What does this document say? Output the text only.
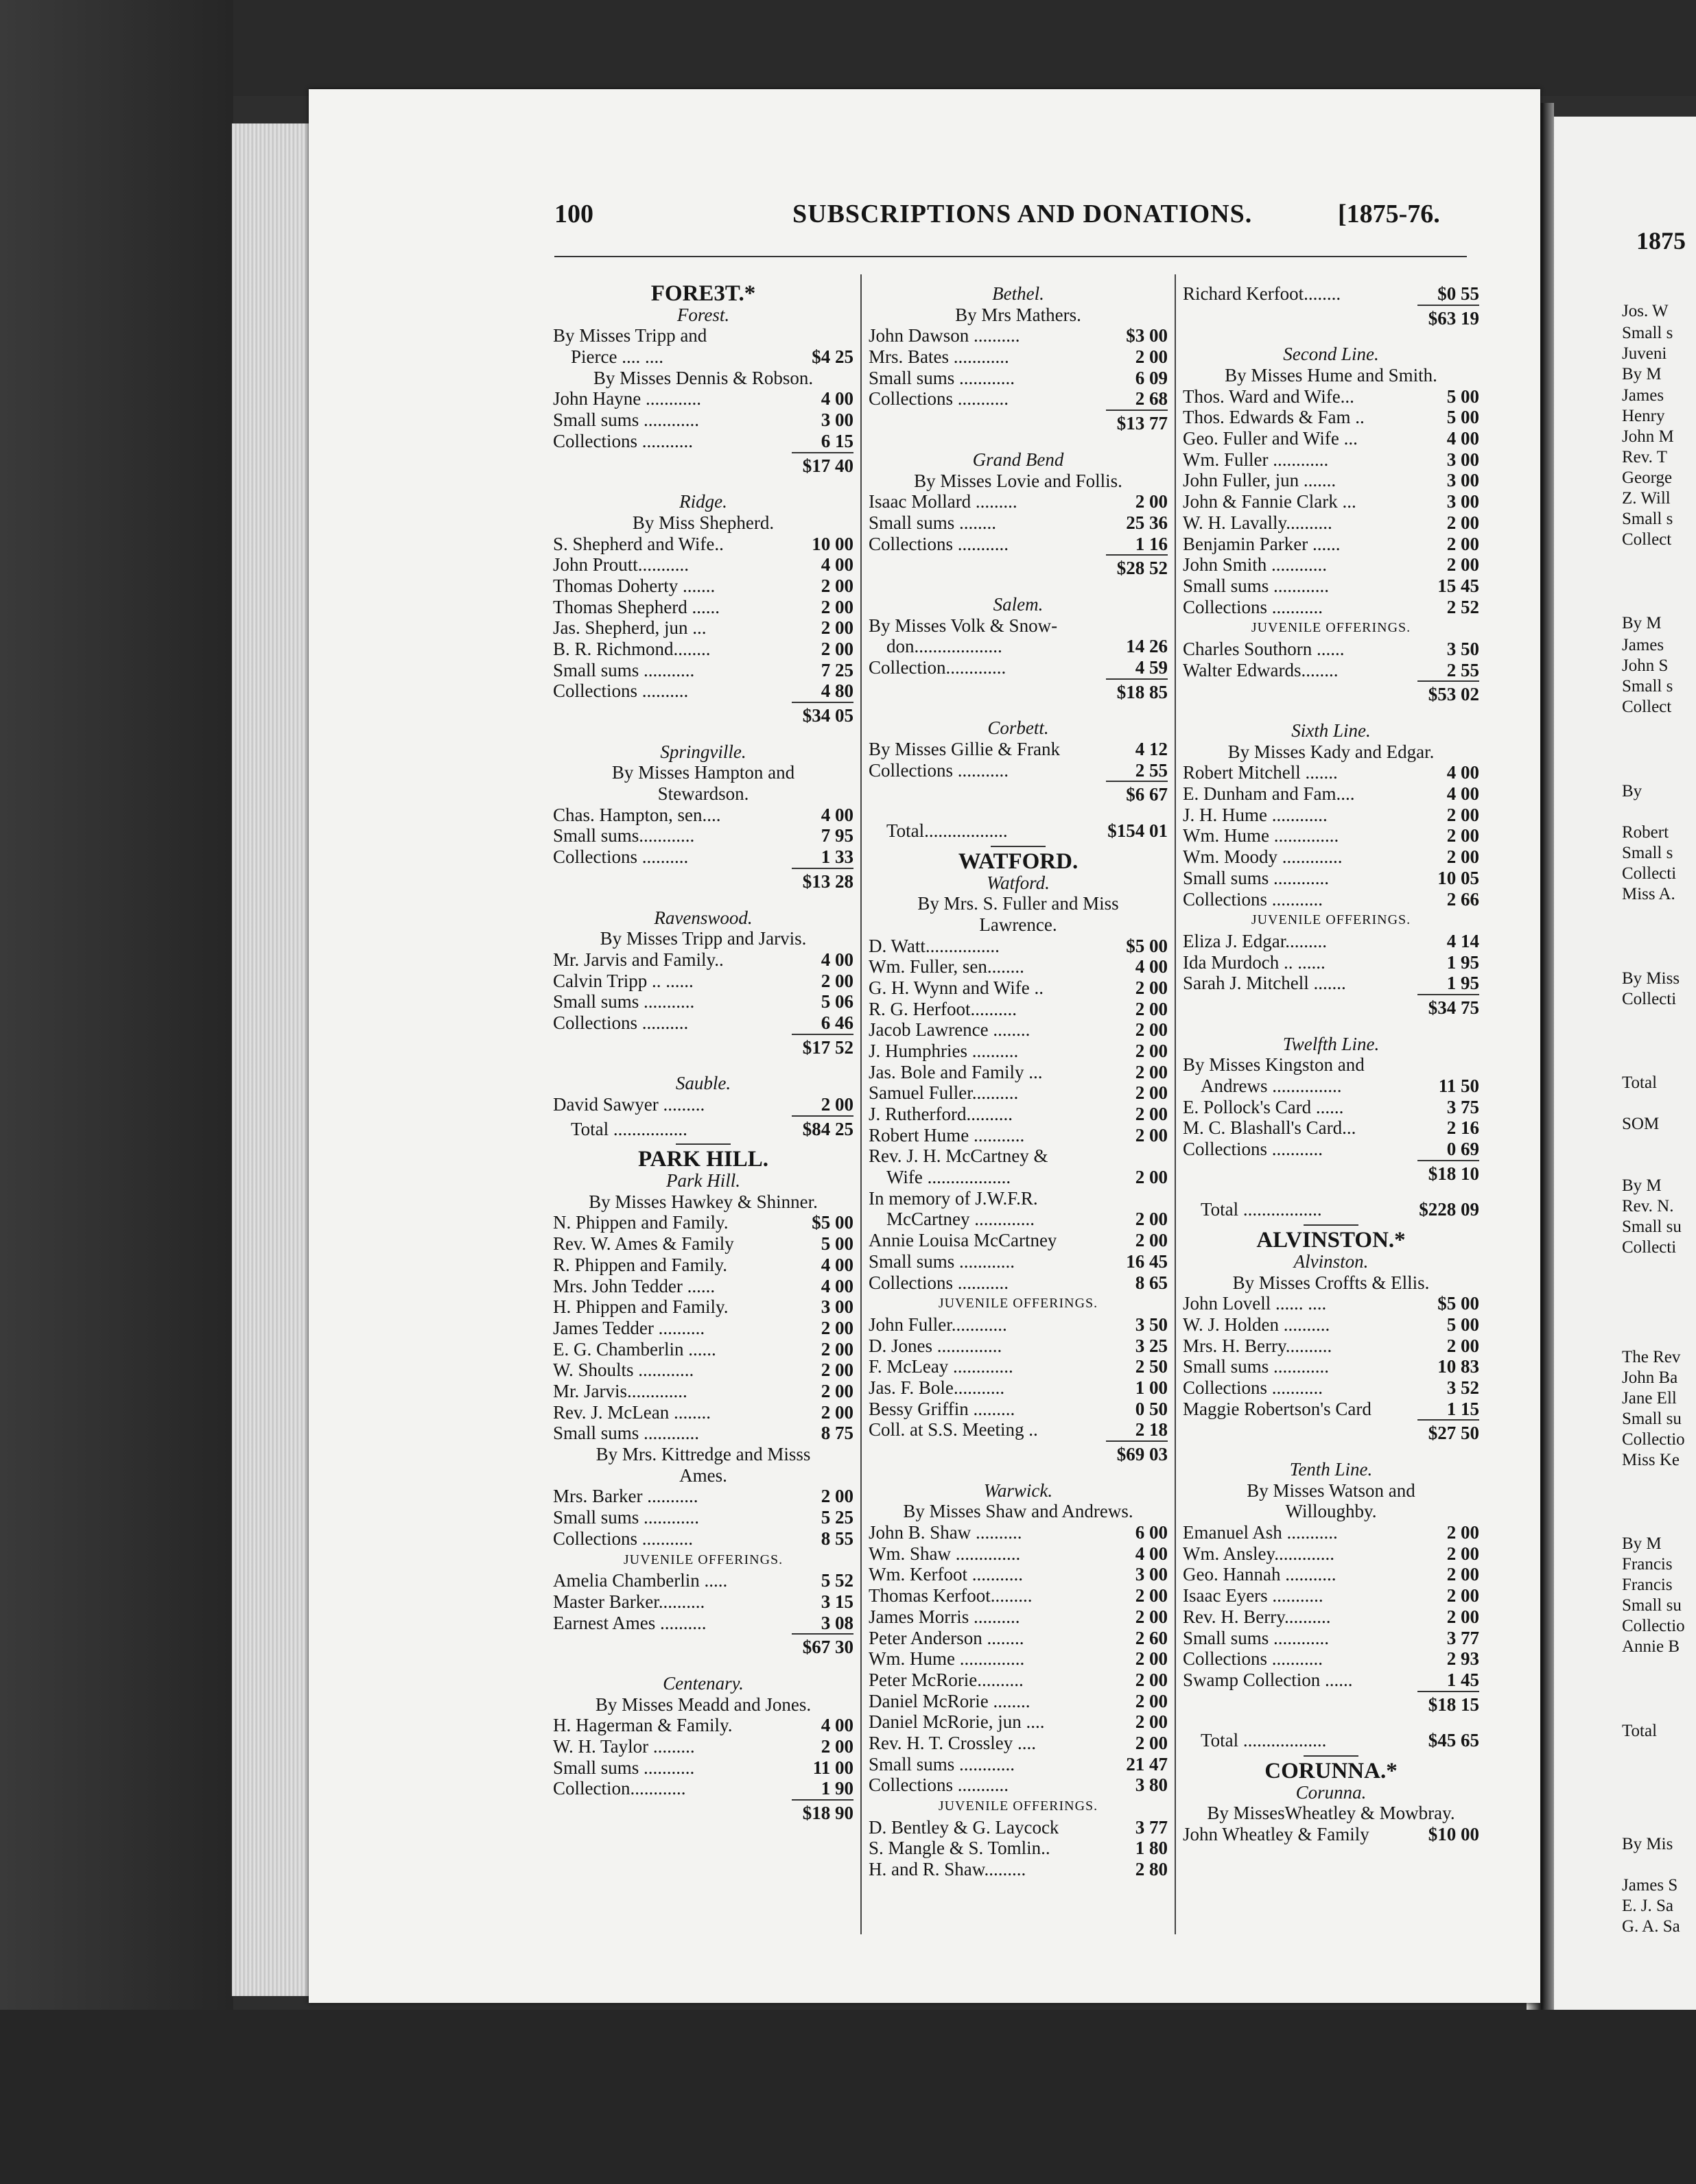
100	SUBSCRIPTIONS AND DONATIONS.	[1875-76.
FORE3T.*
Forest.
By Misses Tripp and
Pierce .... ....	$4 25
By Misses Dennis & Robson.
John Hayne ............	4 00
Small sums ............	3 00
Collections ...........	6 15
$17 40
Ridge.
By Miss Shepherd.
S. Shepherd and Wife..	10 00
John Proutt...........	4 00
Thomas Doherty .......	2 00
Thomas Shepherd ......	2 00
Jas. Shepherd, jun ...	2 00
B. R. Richmond........	2 00
Small sums ...........	7 25
Collections ..........	4 80
$34 05
Springville.
By Misses Hampton and
Stewardson.
Chas. Hampton, sen....	4 00
Small sums............	7 95
Collections ..........	1 33
$13 28
Ravenswood.
By Misses Tripp and Jarvis.
Mr. Jarvis and Family..	4 00
Calvin Tripp .. ......	2 00
Small sums ...........	5 06
Collections ..........	6 46
$17 52
Sauble.
David Sawyer .........	2 00
Total ................	$84 25
PARK HILL.
Park Hill.
By Misses Hawkey & Shinner.
N. Phippen and Family.	$5 00
Rev. W. Ames & Family	5 00
R. Phippen and Family.	4 00
Mrs. John Tedder ......	4 00
H. Phippen and Family.	3 00
James Tedder ..........	2 00
E. G. Chamberlin ......	2 00
W. Shoults ............	2 00
Mr. Jarvis.............	2 00
Rev. J. McLean ........	2 00
Small sums ............	8 75
By Mrs. Kittredge and Misss
Ames.
Mrs. Barker ...........	2 00
Small sums ............	5 25
Collections ...........	8 55
JUVENILE OFFERINGS.
Amelia Chamberlin .....	5 52
Master Barker..........	3 15
Earnest Ames ..........	3 08
$67 30
Centenary.
By Misses Meadd and Jones.
H. Hagerman & Family.	4 00
W. H. Taylor .........	2 00
Small sums ...........	11 00
Collection............	1 90
$18 90
Bethel.
By Mrs Mathers.
John Dawson ..........	$3 00
Mrs. Bates ............	2 00
Small sums ............	6 09
Collections ...........	2 68
$13 77
Grand Bend
By Misses Lovie and Follis.
Isaac Mollard .........	2 00
Small sums ........	25 36
Collections ...........	1 16
$28 52
Salem.
By Misses Volk & Snow-
don...................	14 26
Collection.............	4 59
$18 85
Corbett.
By Misses Gillie & Frank	4 12
Collections ...........	2 55
$6 67
Total..................	$154 01
WATFORD.
Watford.
By Mrs. S. Fuller and Miss
Lawrence.
D. Watt................	$5 00
Wm. Fuller, sen........	4 00
G. H. Wynn and Wife ..	2 00
R. G. Herfoot..........	2 00
Jacob Lawrence ........	2 00
J. Humphries ..........	2 00
Jas. Bole and Family ...	2 00
Samuel Fuller..........	2 00
J. Rutherford..........	2 00
Robert Hume ...........	2 00
Rev. J. H. McCartney &
Wife ..................	2 00
In memory of J.W.F.R.
McCartney .............	2 00
Annie Louisa McCartney	2 00
Small sums ............	16 45
Collections ...........	8 65
JUVENILE OFFERINGS.
John Fuller............	3 50
D. Jones ..............	3 25
F. McLeay .............	2 50
Jas. F. Bole...........	1 00
Bessy Griffin .........	0 50
Coll. at S.S. Meeting ..	2 18
$69 03
Warwick.
By Misses Shaw and Andrews.
John B. Shaw ..........	6 00
Wm. Shaw ..............	4 00
Wm. Kerfoot ...........	3 00
Thomas Kerfoot.........	2 00
James Morris ..........	2 00
Peter Anderson ........	2 60
Wm. Hume ..............	2 00
Peter McRorie..........	2 00
Daniel McRorie ........	2 00
Daniel McRorie, jun ....	2 00
Rev. H. T. Crossley ....	2 00
Small sums ............	21 47
Collections ...........	3 80
JUVENILE OFFERINGS.
D. Bentley & G. Laycock	3 77
S. Mangle & S. Tomlin..	1 80
H. and R. Shaw.........	2 80
Richard Kerfoot........	$0 55
$63 19
Second Line.
By Misses Hume and Smith.
Thos. Ward and Wife...	5 00
Thos. Edwards & Fam ..	5 00
Geo. Fuller and Wife ...	4 00
Wm. Fuller ............	3 00
John Fuller, jun .......	3 00
John & Fannie Clark ...	3 00
W. H. Lavally..........	2 00
Benjamin Parker ......	2 00
John Smith ............	2 00
Small sums ............	15 45
Collections ...........	2 52
JUVENILE OFFERINGS.
Charles Southorn ......	3 50
Walter Edwards........	2 55
$53 02
Sixth Line.
By Misses Kady and Edgar.
Robert Mitchell .......	4 00
E. Dunham and Fam....	4 00
J. H. Hume ............	2 00
Wm. Hume ..............	2 00
Wm. Moody .............	2 00
Small sums ............	10 05
Collections ...........	2 66
JUVENILE OFFERINGS.
Eliza J. Edgar.........	4 14
Ida Murdoch .. ......	1 95
Sarah J. Mitchell .......	1 95
$34 75
Twelfth Line.
By Misses Kingston and
Andrews ...............	11 50
E. Pollock's Card ......	3 75
M. C. Blashall's Card...	2 16
Collections ...........	0 69
$18 10
Total .................	$228 09
ALVINSTON.*
Alvinston.
By Misses Croffts & Ellis.
John Lovell ...... ....	$5 00
W. J. Holden ..........	5 00
Mrs. H. Berry..........	2 00
Small sums ............	10 83
Collections ...........	3 52
Maggie Robertson's Card	1 15
$27 50
Tenth Line.
By Misses Watson and
Willoughby.
Emanuel Ash ...........	2 00
Wm. Ansley.............	2 00
Geo. Hannah ...........	2 00
Isaac Eyers ...........	2 00
Rev. H. Berry..........	2 00
Small sums ............	3 77
Collections ...........	2 93
Swamp Collection ......	1 45
$18 15
Total ..................	$45 65
CORUNNA.*
Corunna.
By MissesWheatley & Mowbray.
John Wheatley & Family	$10 00
1875
Jos. W
Small s
Juveni
By M
James
Henry
John M
Rev. T
George
Z. Will
Small s
Collect
By M
James
John S
Small s
Collect
By
Robert
Small s
Collecti
Miss A.
By Miss
Collecti
Total
SOM
By M
Rev. N.
Small su
Collecti
The Rev
John Ba
Jane Ell
Small su
Collectio
Miss Ke
By M
Francis
Francis
Small su
Collectio
Annie B
Total
By Mis
James S
E. J. Sa
G. A. Sa
